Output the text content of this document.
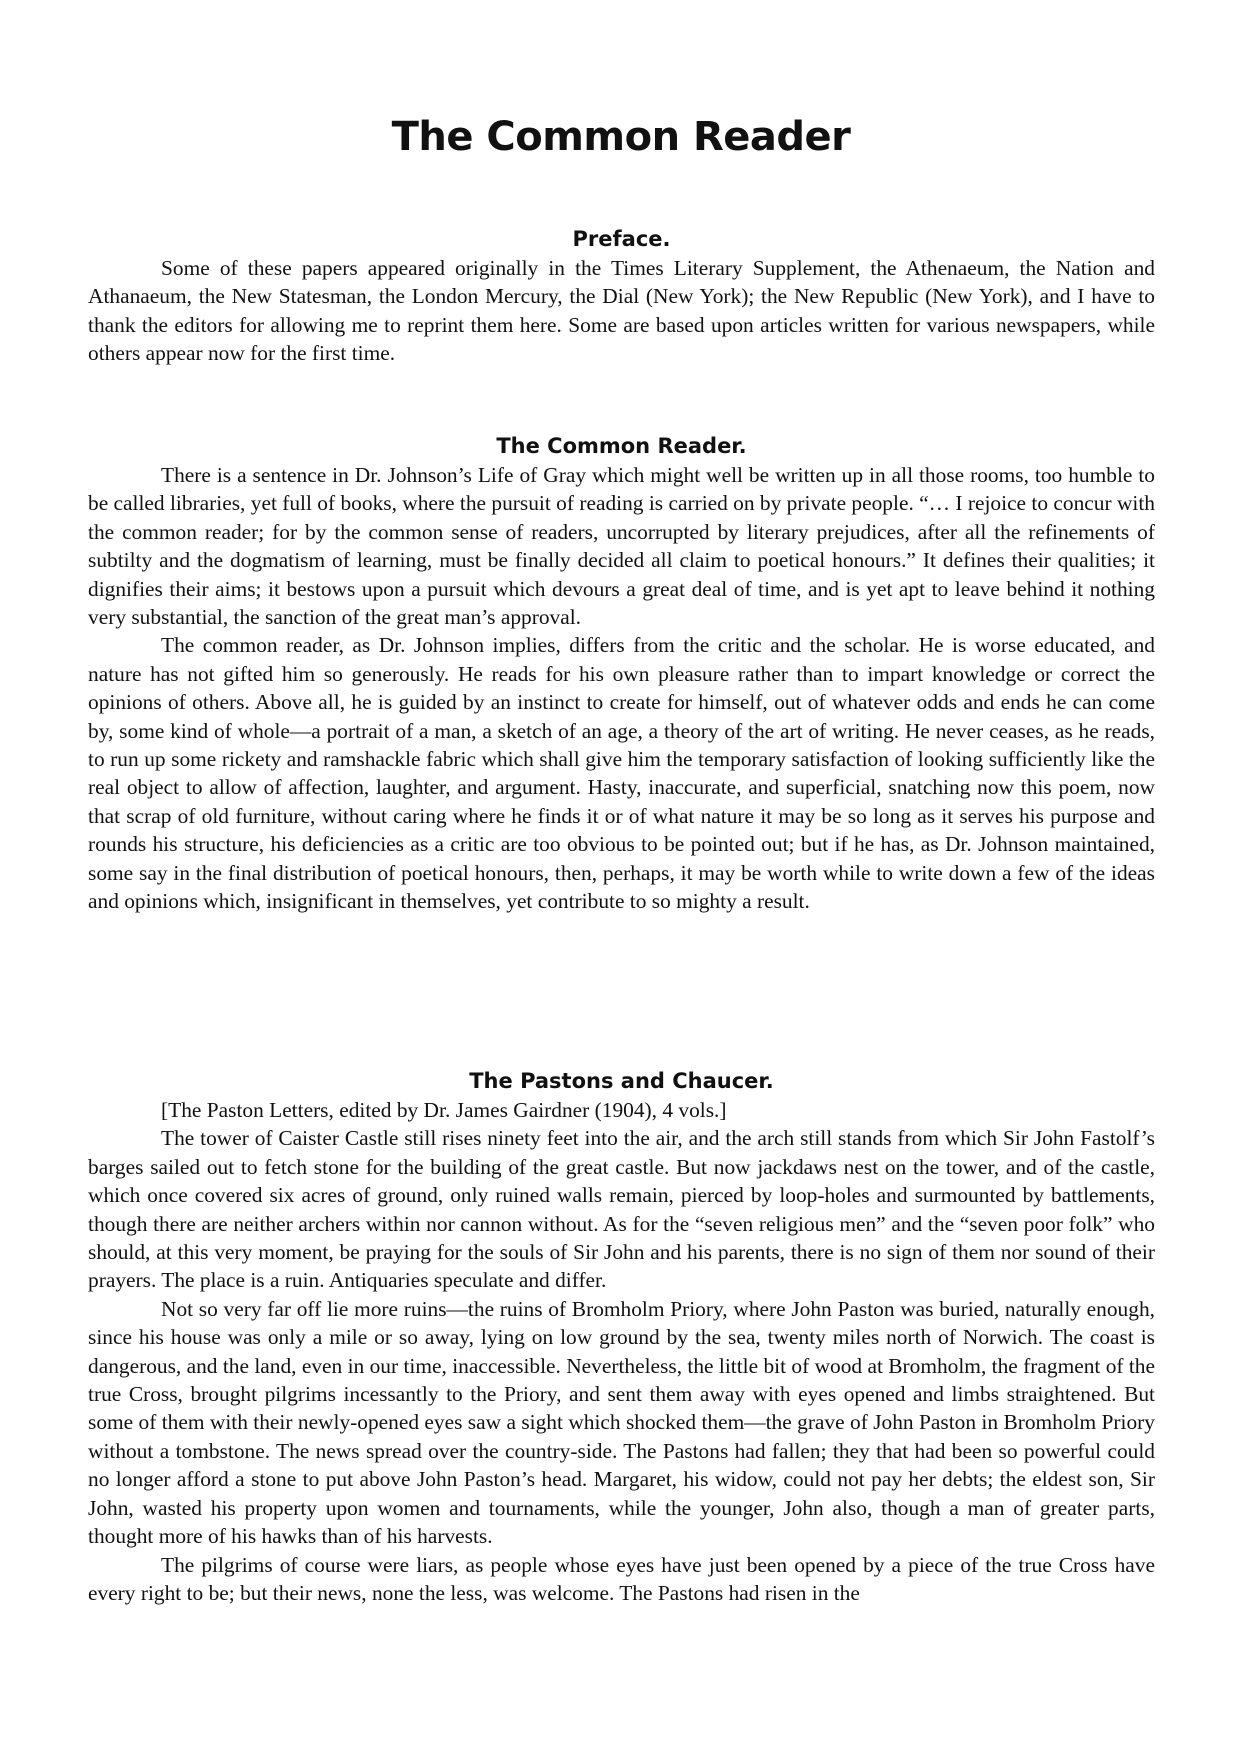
The Common Reader
Preface.

Some of these papers appeared originally in the Times Literary Supplement, the Athenaeum, the Nation and Athanaeum, the New Statesman, the London Mercury, the Dial (New York); the New Republic (New York), and I have to thank the editors for allowing me to reprint them here. Some are based upon articles written for various newspapers, while others appear now for the first time.

The Common Reader.

There is a sentence in Dr. Johnson’s Life of Gray which might well be written up in all those rooms, too humble to be called libraries, yet full of books, where the pursuit of reading is carried on by private people. “… I rejoice to concur with the common reader; for by the common sense of readers, uncorrupted by literary prejudices, after all the refinements of subtilty and the dogmatism of learning, must be finally decided all claim to poetical honours.” It defines their qualities; it dignifies their aims; it bestows upon a pursuit which devours a great deal of time, and is yet apt to leave behind it nothing very substantial, the sanction of the great man’s approval.

The common reader, as Dr. Johnson implies, differs from the critic and the scholar. He is worse educated, and nature has not gifted him so generously. He reads for his own pleasure rather than to impart knowledge or correct the opinions of others. Above all, he is guided by an instinct to create for himself, out of whatever odds and ends he can come by, some kind of whole—a portrait of a man, a sketch of an age, a theory of the art of writing. He never ceases, as he reads, to run up some rickety and ramshackle fabric which shall give him the temporary satisfaction of looking sufficiently like the real object to allow of affection, laughter, and argument. Hasty, inaccurate, and superficial, snatching now this poem, now that scrap of old furniture, without caring where he finds it or of what nature it may be so long as it serves his purpose and rounds his structure, his deficiencies as a critic are too obvious to be pointed out; but if he has, as Dr. Johnson maintained, some say in the final distribution of poetical honours, then, perhaps, it may be worth while to write down a few of the ideas and opinions which, insignificant in themselves, yet contribute to so mighty a result.

The Pastons and Chaucer.

[The Paston Letters, edited by Dr. James Gairdner (1904), 4 vols.]

The tower of Caister Castle still rises ninety feet into the air, and the arch still stands from which Sir John Fastolf’s barges sailed out to fetch stone for the building of the great castle. But now jackdaws nest on the tower, and of the castle, which once covered six acres of ground, only ruined walls remain, pierced by loop-holes and surmounted by battlements, though there are neither archers within nor cannon without. As for the “seven religious men” and the “seven poor folk” who should, at this very moment, be praying for the souls of Sir John and his parents, there is no sign of them nor sound of their prayers. The place is a ruin. Antiquaries speculate and differ.

Not so very far off lie more ruins—the ruins of Bromholm Priory, where John Paston was buried, naturally enough, since his house was only a mile or so away, lying on low ground by the sea, twenty miles north of Norwich. The coast is dangerous, and the land, even in our time, inaccessible. Nevertheless, the little bit of wood at Bromholm, the fragment of the true Cross, brought pilgrims incessantly to the Priory, and sent them away with eyes opened and limbs straightened. But some of them with their newly-opened eyes saw a sight which shocked them—the grave of John Paston in Bromholm Priory without a tombstone. The news spread over the country-side. The Pastons had fallen; they that had been so powerful could no longer afford a stone to put above John Paston’s head. Margaret, his widow, could not pay her debts; the eldest son, Sir John, wasted his property upon women and tournaments, while the younger, John also, though a man of greater parts, thought more of his hawks than of his harvests.

The pilgrims of course were liars, as people whose eyes have just been opened by a piece of the true Cross have every right to be; but their news, none the less, was welcome. The Pastons had risen in the
